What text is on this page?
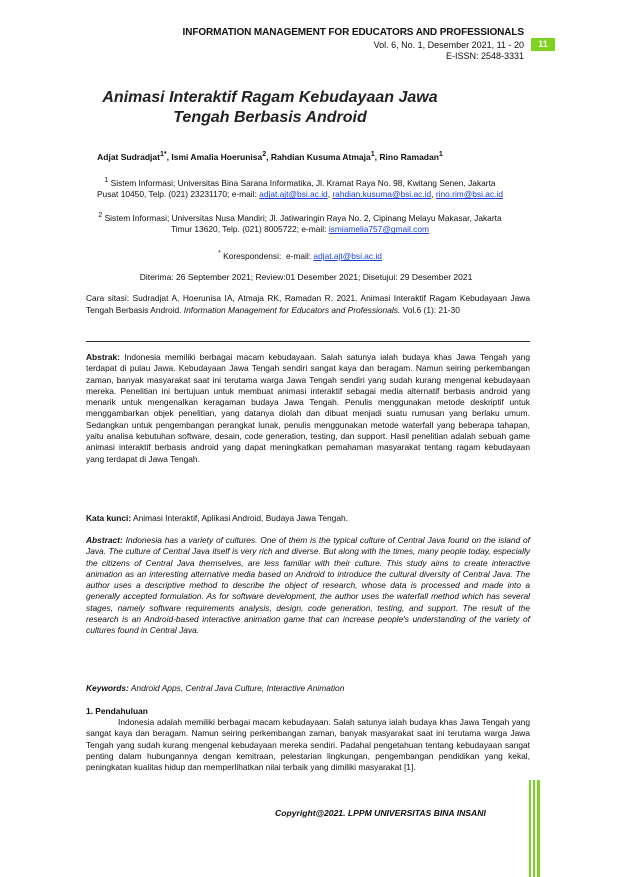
INFORMATION MANAGEMENT FOR EDUCATORS AND PROFESSIONALS
Vol. 6, No. 1, Desember 2021, 11 - 20
E-ISSN: 2548-3331
11
Animasi Interaktif Ragam Kebudayaan Jawa Tengah Berbasis Android
Adjat Sudradjat$^{1*}$, Ismi Amalia Hoerunisa$^2$, Rahdian Kusuma Atmaja$^1$, Rino Ramadan$^1$
$^1$ Sistem Informasi; Universitas Bina Sarana Informatika, Jl. Kramat Raya No. 98, Kwitang Senen, Jakarta Pusat 10450, Telp. (021) 23231170; e-mail: adjat.ajt@bsi.ac.id, rahdian.kusuma@bsi.ac.id, rino.rim@bsi.ac.id
$^2$ Sistem Informasi; Universitas Nusa Mandiri; Jl. Jatiwaringin Raya No. 2, Cipinang Melayu Makasar, Jakarta Timur 13620, Telp. (021) 8005722; e-mail: ismiamelia757@gmail.com
* Korespondensi: e-mail: adjat.ajt@bsi.ac.id
Diterima: 26 September 2021; Review:01 Desember 2021; Disetujui: 29 Desember 2021
Cara sitasi: Sudradjat A, Hoerunisa IA, Atmaja RK, Ramadan R. 2021. Animasi Interaktif Ragam Kebudayaan Jawa Tengah Berbasis Android. Information Management for Educators and Professionals. Vol.6 (1): 21-30
Abstrak: Indonesia memiliki berbagai macam kebudayaan. Salah satunya ialah budaya khas Jawa Tengah yang terdapat di pulau Jawa. Kebudayaan Jawa Tengah sendiri sangat kaya dan beragam. Namun seiring perkembangan zaman, banyak masyarakat saat ini terutama warga Jawa Tengah sendiri yang sudah kurang mengenal kebudayaan mereka. Penelitian ini bertujuan untuk membuat animasi interaktif sebagai media alternatif berbasis android yang menarik untuk mengenalkan keragaman budaya Jawa Tengah. Penulis menggunakan metode deskriptif untuk menggambarkan objek penelitian, yang datanya diolah dan dibuat menjadi suatu rumusan yang berlaku umum. Sedangkan untuk pengembangan perangkat lunak, penulis menggunakan metode waterfall yang beberapa tahapan, yaitu analisa kebutuhan software, desain, code generation, testing, dan support. Hasil penelitian adalah sebuah game animasi interaktif berbasis android yang dapat meningkatkan pemahaman masyarakat tentang ragam kebudayaan yang terdapat di Jawa Tengah.
Kata kunci: Animasi Interaktif, Aplikasi Android, Budaya Jawa Tengah.
Abstract: Indonesia has a variety of cultures. One of them is the typical culture of Central Java found on the island of Java. The culture of Central Java itself is very rich and diverse. But along with the times, many people today, especially the citizens of Central Java themselves, are less familiar with their culture. This study aims to create interactive animation as an interesting alternative media based on Android to introduce the cultural diversity of Central Java. The author uses a descriptive method to describe the object of research, whose data is processed and made into a generally accepted formulation. As for software development, the author uses the waterfall method which has several stages, namely software requirements analysis, design, code generation, testing, and support. The result of the research is an Android-based interactive animation game that can increase people's understanding of the variety of cultures found in Central Java.
Keywords: Android Apps, Central Java Culture, Interactive Animation
1. Pendahuluan
Indonesia adalah memiliki berbagai macam kebudayaan. Salah satunya ialah budaya khas Jawa Tengah yang sangat kaya dan beragam. Namun seiring perkembangan zaman, banyak masyarakat saat ini terutama warga Jawa Tengah yang sudah kurang mengenal kebudayaan mereka sendiri. Padahal pengetahuan tentang kebudayaan sangat penting dalam hubungannya dengan kemitraan, pelestarian lingkungan, pengembangan pendidikan yang kekal, peningkatan kualitas hidup dan memperlihatkan nilai terbaik yang dimiliki masyarakat [1].
Copyright@2021. LPPM UNIVERSITAS BINA INSANI
